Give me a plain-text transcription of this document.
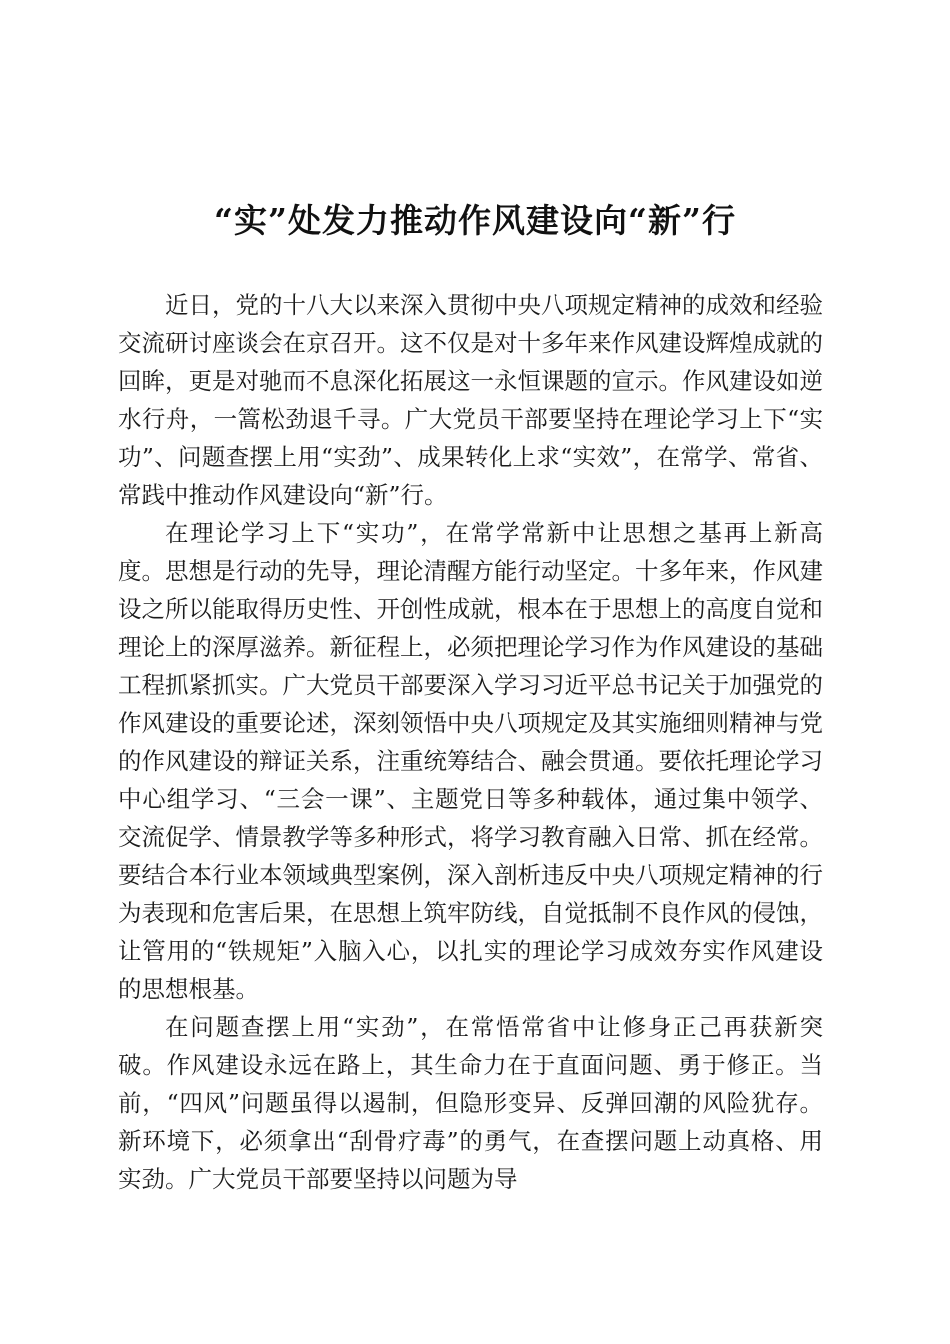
“实”处发力推动作风建设向“新”行

近日，党的十八大以来深入贯彻中央八项规定精神的成效和经验交流研讨座谈会在京召开。这不仅是对十多年来作风建设辉煌成就的回眸，更是对驰而不息深化拓展这一永恒课题的宣示。作风建设如逆水行舟，一篙松劲退千寻。广大党员干部要坚持在理论学习上下“实功”、问题查摆上用“实劲”、成果转化上求“实效”，在常学、常省、常践中推动作风建设向“新”行。

在理论学习上下“实功”，在常学常新中让思想之基再上新高度。思想是行动的先导，理论清醒方能行动坚定。十多年来，作风建设之所以能取得历史性、开创性成就，根本在于思想上的高度自觉和理论上的深厚滋养。新征程上，必须把理论学习作为作风建设的基础工程抓紧抓实。广大党员干部要深入学习习近平总书记关于加强党的作风建设的重要论述，深刻领悟中央八项规定及其实施细则精神与党的作风建设的辩证关系，注重统筹结合、融会贯通。要依托理论学习中心组学习、“三会一课”、主题党日等多种载体，通过集中领学、交流促学、情景教学等多种形式，将学习教育融入日常、抓在经常。要结合本行业本领域典型案例，深入剖析违反中央八项规定精神的行为表现和危害后果，在思想上筑牢防线，自觉抵制不良作风的侵蚀，让管用的“铁规矩”入脑入心，以扎实的理论学习成效夯实作风建设的思想根基。

在问题查摆上用“实劲”，在常悟常省中让修身正己再获新突破。作风建设永远在路上，其生命力在于直面问题、勇于修正。当前，“四风”问题虽得以遏制，但隐形变异、反弹回潮的风险犹存。新环境下，必须拿出“刮骨疗毒”的勇气，在查摆问题上动真格、用实劲。广大党员干部要坚持以问题为导
